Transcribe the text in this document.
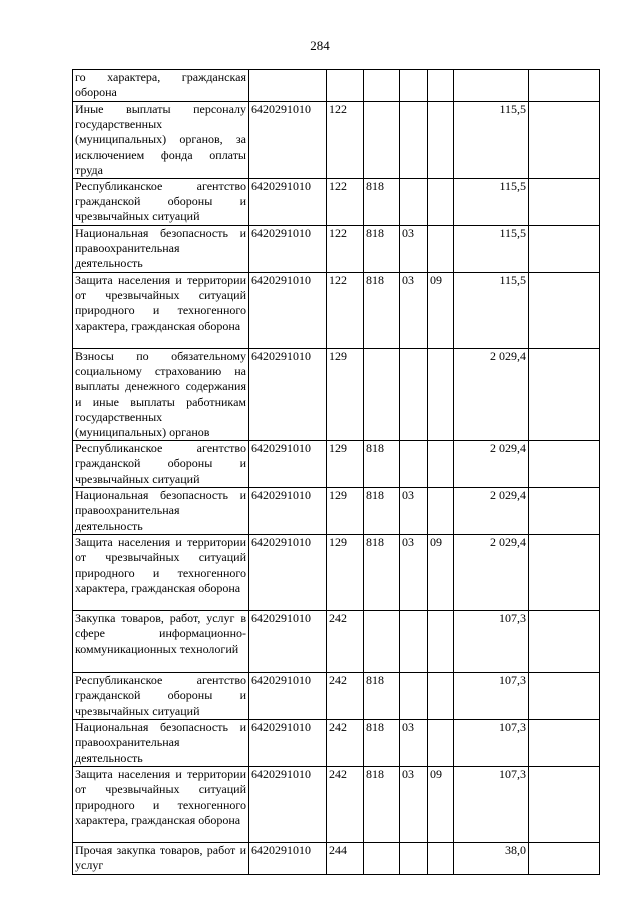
284
го характера, гражданская оборона							
Иные выплаты персоналу государственных (муниципальных) органов, за исключением фонда оплаты труда	6420291010	122				115,5	
Республиканское агентство гражданской обороны и чрезвычайных ситуаций	6420291010	122	818			115,5	
Национальная безопасность и правоохранительная деятельность	6420291010	122	818	03		115,5	
Защита населения и территории от чрезвычайных ситуаций природного и техногенного характера, гражданская оборона	6420291010	122	818	03	09	115,5	
Взносы по обязательному социальному страхованию на выплаты денежного содержания и иные выплаты работникам государственных (муниципальных) органов	6420291010	129				2 029,4	
Республиканское агентство гражданской обороны и чрезвычайных ситуаций	6420291010	129	818			2 029,4	
Национальная безопасность и правоохранительная деятельность	6420291010	129	818	03		2 029,4	
Защита населения и территории от чрезвычайных ситуаций природного и техногенного характера, гражданская оборона	6420291010	129	818	03	09	2 029,4	
Закупка товаров, работ, услуг в сфере информационно-коммуникационных технологий	6420291010	242				107,3	
Республиканское агентство гражданской обороны и чрезвычайных ситуаций	6420291010	242	818			107,3	
Национальная безопасность и правоохранительная деятельность	6420291010	242	818	03		107,3	
Защита населения и территории от чрезвычайных ситуаций природного и техногенного характера, гражданская оборона	6420291010	242	818	03	09	107,3	
Прочая закупка товаров, работ и услуг	6420291010	244				38,0	
